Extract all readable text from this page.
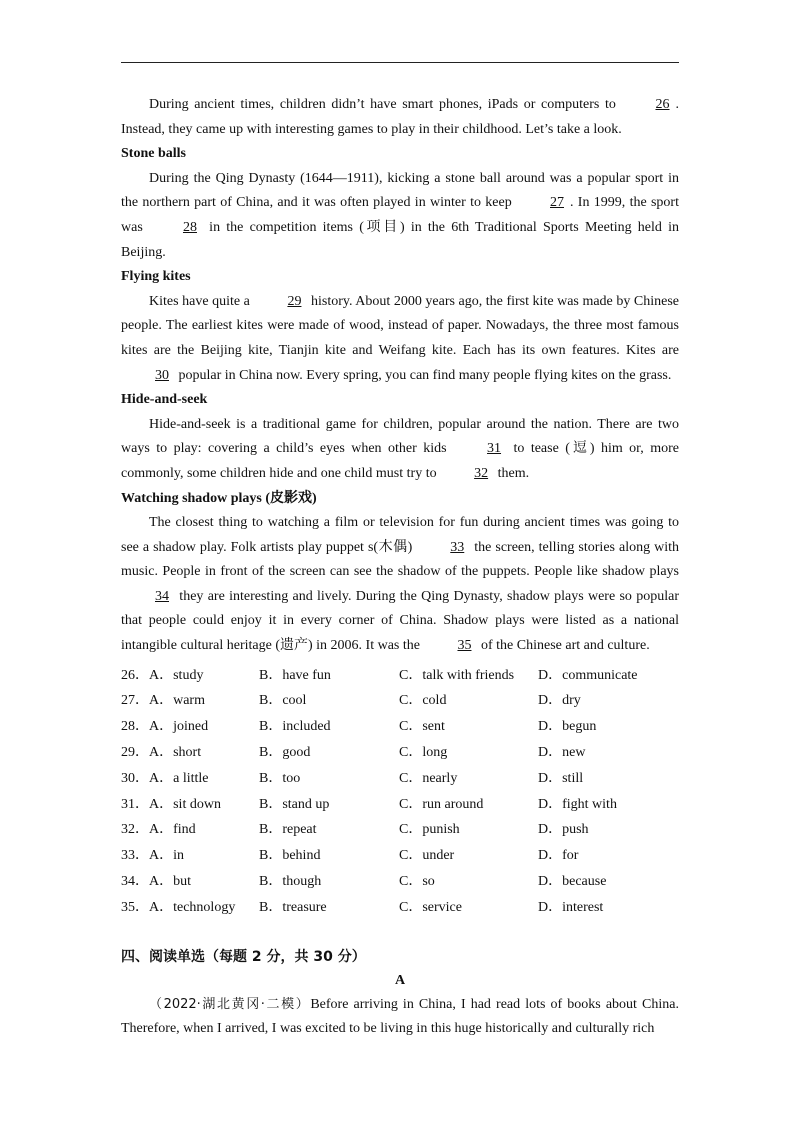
During ancient times, children didn’t have smart phones, iPads or computers to 26 . Instead, they came up with interesting games to play in their childhood. Let’s take a look.

Stone balls

During the Qing Dynasty (1644—1911), kicking a stone ball around was a popular sport in the northern part of China, and it was often played in winter to keep 27 . In 1999, the sport was 28 in the competition items (项目) in the 6th Traditional Sports Meeting held in Beijing.

Flying kites

Kites have quite a 29 history. About 2000 years ago, the first kite was made by Chinese people. The earliest kites were made of wood, instead of paper. Nowadays, the three most famous kites are the Beijing kite, Tianjin kite and Weifang kite. Each has its own features. Kites are 30 popular in China now. Every spring, you can find many people flying kites on the grass.

Hide-and-seek

Hide-and-seek is a traditional game for children, popular around the nation. There are two ways to play: covering a child’s eyes when other kids 31 to tease (逗) him or, more commonly, some children hide and one child must try to 32 them.

Watching shadow plays (皮影戏)

The closest thing to watching a film or television for fun during ancient times was going to see a shadow play. Folk artists play puppet s(木偶) 33 the screen, telling stories along with music. People in front of the screen can see the shadow of the puppets. People like shadow plays 34 they are interesting and lively. During the Qing Dynasty, shadow plays were so popular that people could enjoy it in every corner of China. Shadow plays were listed as a national intangible cultural heritage (遗产) in 2006. It was the 35 of the Chinese art and culture.

26．A．study	B．have fun	C．talk with friends	D．communicate
27．A．warm	B．cool	C．cold	D．dry
28．A．joined	B．included	C．sent	D．begun
29．A．short	B．good	C．long	D．new
30．A．a little	B．too	C．nearly	D．still
31．A．sit down	B．stand up	C．run around	D．fight with
32．A．find	B．repeat	C．punish	D．push
33．A．in	B．behind	C．under	D．for
34．A．but	B．though	C．so	D．because
35．A．technology	B．treasure	C．service	D．interest
四、阅读单选（每题 2 分，共 30 分）
A

（2022·湖北黄冈·二模）Before arriving in China, I had read lots of books about China. Therefore, when I arrived, I was excited to be living in this huge historically and culturally rich
